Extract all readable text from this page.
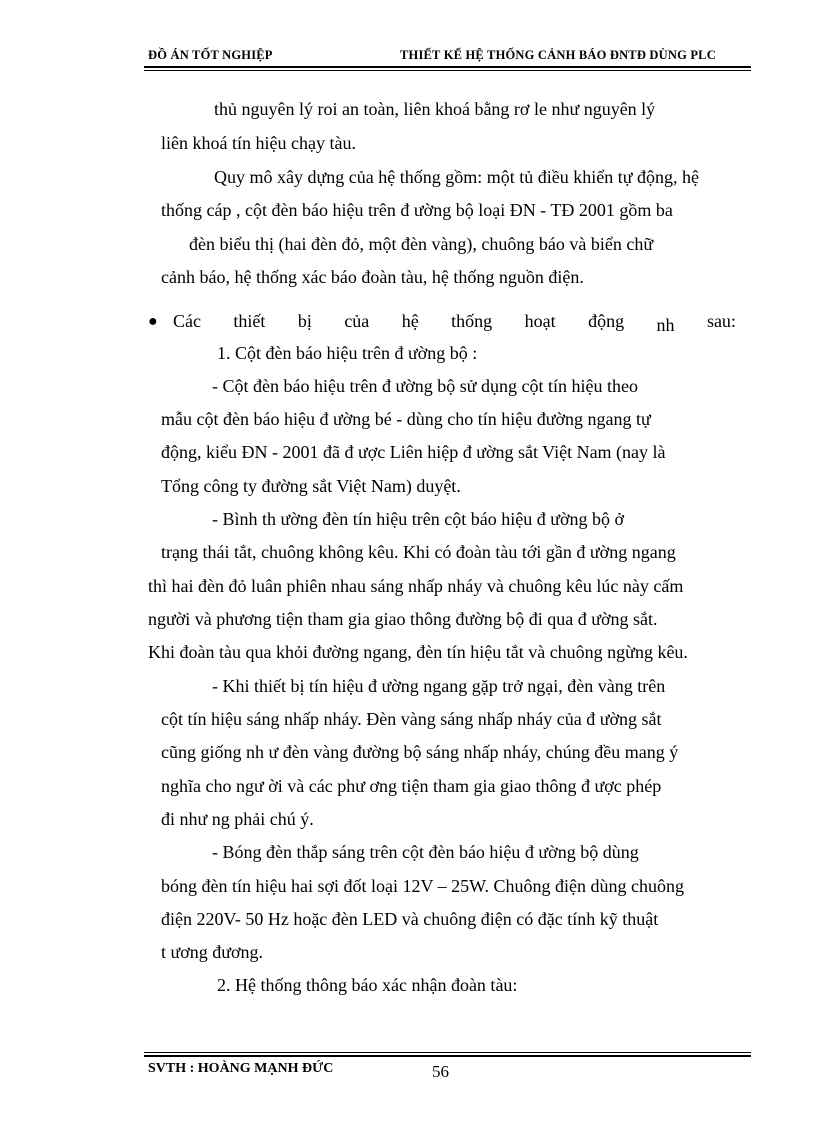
ĐỒ ÁN TỐT NGHIỆP	THIẾT KẾ HỆ THỐNG CẢNH BÁO ĐNTĐ DÙNG PLC
thủ nguyên lý roi an toàn, liên khoá bằng rơ le như nguyên lý
liên khoá tín hiệu chạy tàu.
Quy mô xây dựng của hệ thống gồm: một tủ điều khiển tự động, hệ
thống cáp , cột đèn báo hiệu trên đ ường bộ loại ĐN - TĐ 2001 gồm ba
đèn biểu thị (hai đèn đỏ, một đèn vàng), chuông báo và biển chữ
cảnh báo, hệ thống xác báo đoàn tàu, hệ thống nguồn điện.
● Các thiết bị của hệ thống hoạt động nh sau:
1. Cột đèn báo hiệu trên đ ường bộ :
- Cột đèn báo hiệu trên đ ường bộ sử dụng cột tín hiệu theo
mẫu cột đèn báo hiệu đ ường bé - dùng cho tín hiệu đường ngang tự
động, kiểu ĐN - 2001 đã đ ược Liên hiệp đ ường sắt Việt Nam (nay là
Tổng công ty đường sắt Việt Nam) duyệt.
- Bình th ường đèn tín hiệu trên cột báo hiệu đ ường bộ ở
trạng thái tắt, chuông không kêu. Khi có đoàn tàu tới gần đ ường ngang
thì hai đèn đỏ luân phiên nhau sáng nhấp nháy và chuông kêu lúc này cấm
người và phương tiện tham gia giao thông đường bộ đi qua đ ường sắt.
Khi đoàn tàu qua khỏi đường ngang, đèn tín hiệu tắt và chuông ngừng kêu.
- Khi thiết bị tín hiệu đ ường ngang gặp trở ngại, đèn vàng trên
cột tín hiệu sáng nhấp nháy. Đèn vàng sáng nhấp nháy của đ ường sắt
cũng giống nh ư đèn vàng đường bộ sáng nhấp nháy, chúng đều mang ý
nghĩa cho ngư ời và các phư ơng tiện tham gia giao thông đ ược phép
đi như ng phải chú ý.
- Bóng đèn thắp sáng trên cột đèn báo hiệu đ ường bộ dùng
bóng đèn tín hiệu hai sợi đốt loại 12V – 25W. Chuông điện dùng chuông
điện 220V- 50 Hz hoặc đèn LED và chuông điện có đặc tính kỹ thuật
t ương đương.
2. Hệ thống thông báo xác nhận đoàn tàu:
SVTH : HOÀNG MẠNH ĐỨC	56
